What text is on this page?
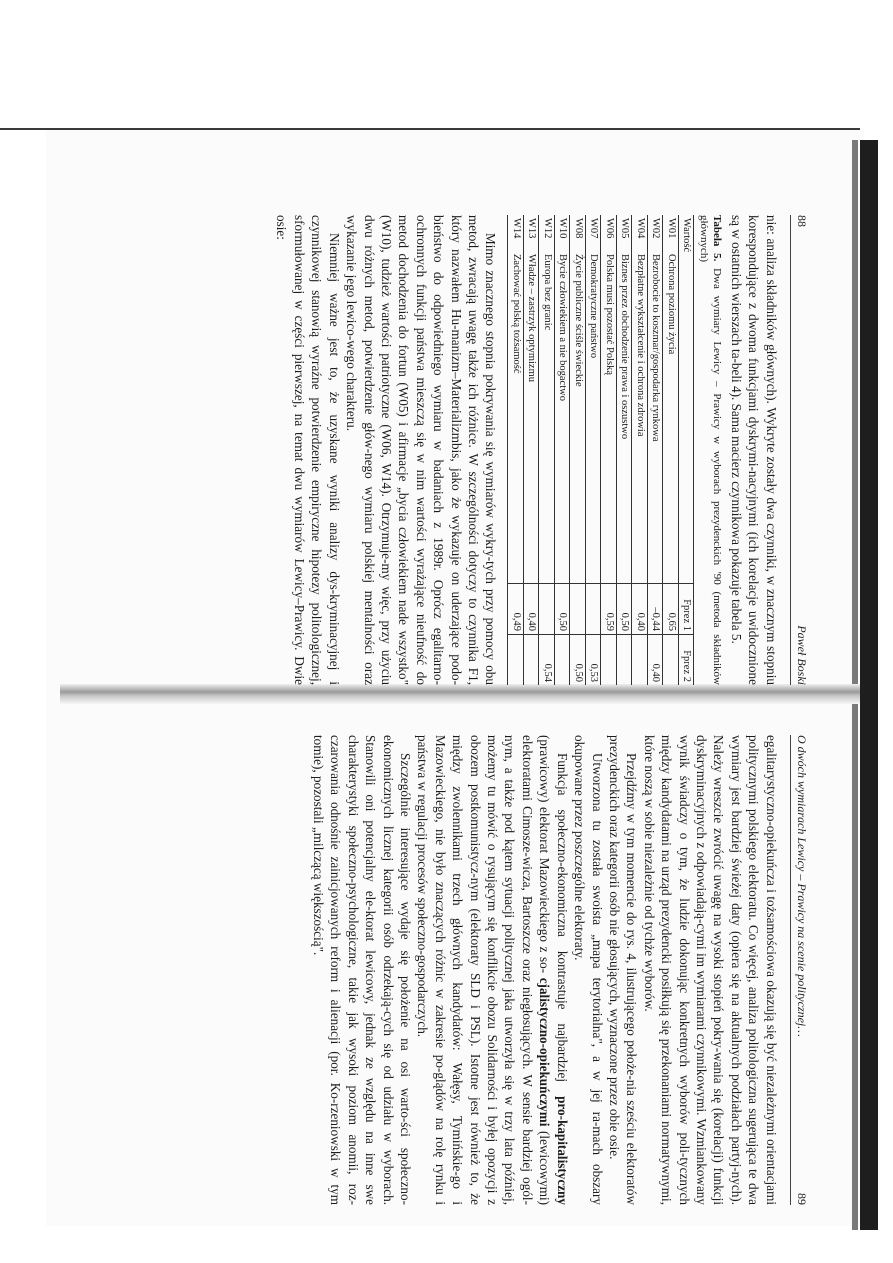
88
Paweł Boski

nie: analiza składników głównych). Wykryte zostały dwa czynniki, w znacznym stopniu korespondujące z dwoma funkcjami dyskrymi-nacyjnymi (ich korelacje uwidocznione są w ostatnich wierszach ta-beli 4). Sama macierz czynnikowa pokazuje tabela 5.

Tabela 5. Dwa wymiary Lewicy – Prawicy w wyborach prezydenckich '90 (metoda składników głównych)
Wartość		Fprez 1	Fprez 2
W01	Ochrona poziomu życia	0,65	
W02	Bezrobocie to koszmar/gospodarka rynkowa	–0,44	0,40
W04	Bezpłatne wykształcenie i ochrona zdrowia	0,40	
W05	Biznes przez obchodzenie prawa i oszustwo	0,50	
W06	Polska musi pozostać Polską	0,59	
W07	Demokratyczne państwo		0,53
W08	Życie publiczne ściśle świeckie		0,50
W10	Bycie człowiekiem a nie bogactwo	0,50	
W12	Europa bez granic		0,54
W13	Władze – zastrzyk optymizmu	0,40	
W14	Zachować polską tożsamość	0,49	

Mimo znacznego stopnia pokrywania się wymiarów wykry-tych przy pomocy obu metod, zwracają uwagę także ich różnice. W szczególności dotyczy to czynnika F1, który nazwałem Hu-manizm–Materializmbis, jako że wykazuje on uderzające podo-bieństwo do odpowiedniego wymiaru w badaniach z 1989r. Oprócz egalitarno-ochronnych funkcji państwa mieszczą się w nim wartości wyrażające nieufność do metod dochodzenia do fortun (W05) i afirmacje „bycia człowiekiem nade wszystko" (W10), tudzież wartości patriotyczne (W06, W14). Otrzymuje-my więc, przy użyciu dwu różnych metod, potwierdzenie głów-nego wymiaru polskiej mentalności oraz wykazanie jego lewico-wego charakteru.

Niemniej ważne jest to, że uzyskane wyniki analizy dys-kryminacyjnej i czynnikowej stanowią wyraźne potwierdzenie empiryczne hipotezy politologicznej, sformułowanej w części pierwszej, na temat dwu wymiarów Lewicy–Prawicy. Dwie osie:

O dwóch wymiarach Lewicy – Prawicy na scenie politycznej…
89

egalitarystyczno-opiekuńcza i tożsamościowa okazują się być niezależnymi orientacjami politycznymi polskiego elektoratu. Co więcej, analiza politologiczna sugerująca te dwa wymiary jest bardziej świeżej daty (opiera się na aktualnych podziałach partyj-nych). Należy wreszcie zwrócić uwagę na wysoki stopień pokry-wania się (korelacji) funkcji dyskryminacyjnych z odpowiadają-cymi im wymiarami czynnikowymi. Wzmiankowany wynik świadczy o tym, że ludzie dokonując konkretnych wyborów poli-tycznych między kandydatami na urząd prezydencki posiłkują się przekonaniami normatywnymi, które noszą w sobie niezależnie od tychże wyborów.

Przejdźmy w tym momencie do rys. 4, ilustrującego położe-nia sześciu elektoratów prezydenckich oraz kategorii osób nie głosujących, wyznaczone przez obie osie.

Utworzona tu została swoista „mapa terytorialna", a w jej ra-mach obszary okupowane przez poszczególne elektoraty.

Funkcja społeczno-ekonomiczna kontrastuje najbardziej pro-kapitalistyczny (prawicowy) elektorat Mazowieckiego z so- cjalistyczno-opiekuńczymi (lewicowymi) elektoratami Cimosze-wicza, Bartoszcze oraz niegłosujących. W sensie bardziej ogól-nym, a także pod kątem sytuacji politycznej jaka utworzyła się w trzy lata później, możemy tu mówić o rysującym się konflikcie obozu Solidarności i byłej opozycji z obozem postkomunistycz-nym (elektoraty SLD i PSL). Istotne jest również to, że między zwolennikami trzech głównych kandydatów: Wałęsy, Tymińskie-go i Mazowieckiego, nie było znaczących różnic w zakresie po-glądów na rolę rynku i państwa w regulacji procesów społeczno-gospodarczych.

Szczególnie interesujące wydaje się położenie na osi warto-ści społeczno-ekonomicznych licznej kategorii osób odrzekają-cych się od udziału w wyborach. Stanowili oni potencjalny ele-ktorat lewicowy, jednak ze względu na inne swe charakterystyki społeczno-psychologiczne, takie jak wysoki poziom anomii, roz-czarowania odnośnie zainicjowanych reform i alienacji (por. Ko-rzeniowski w tym tomie), pozostali „milczącą większością".
